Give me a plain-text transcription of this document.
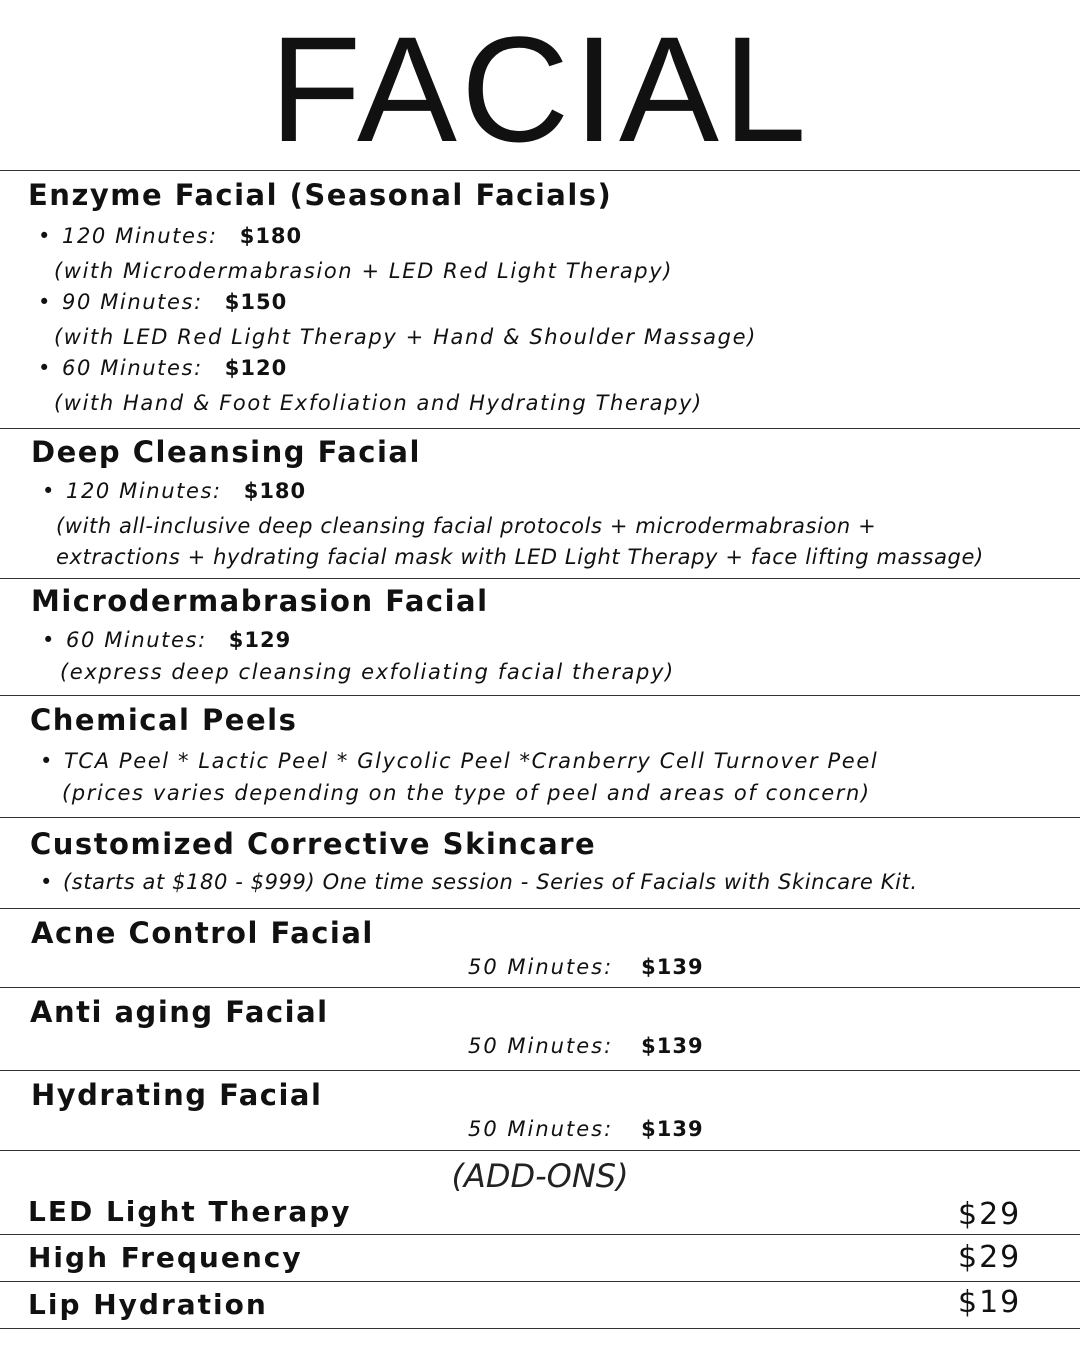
FACIAL
Enzyme Facial (Seasonal Facials)
• 120 Minutes: $180
(with Microdermabrasion + LED Red Light Therapy)
• 90 Minutes: $150
(with LED Red Light Therapy + Hand & Shoulder Massage)
• 60 Minutes: $120
(with Hand & Foot Exfoliation and Hydrating Therapy)
Deep Cleansing Facial
• 120 Minutes: $180
(with all-inclusive deep cleansing facial protocols + microdermabrasion +
extractions + hydrating facial mask with LED Light Therapy + face lifting massage)
Microdermabrasion Facial
• 60 Minutes: $129
(express deep cleansing exfoliating facial therapy)
Chemical Peels
• TCA Peel * Lactic Peel * Glycolic Peel *Cranberry Cell Turnover Peel
(prices varies depending on the type of peel and areas of concern)
Customized Corrective Skincare
• (starts at $180 - $999) One time session - Series of Facials with Skincare Kit.
Acne Control Facial
50 Minutes: $139
Anti aging Facial
50 Minutes: $139
Hydrating Facial
50 Minutes: $139
(ADD-ONS)
LED Light Therapy	$29
High Frequency	$29
Lip Hydration	$19
